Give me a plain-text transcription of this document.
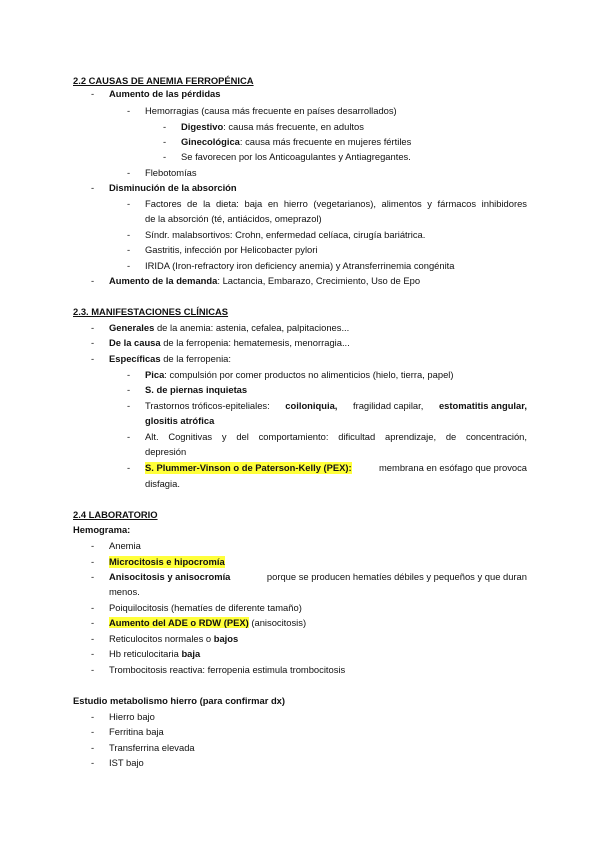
2.2 CAUSAS DE ANEMIA FERROPÉNICA
- Aumento de las pérdidas
- Hemorragias (causa más frecuente en países desarrollados)
- Digestivo: causa más frecuente, en adultos
- Ginecológica: causa más frecuente en mujeres fértiles
- Se favorecen por los Anticoagulantes y Antiagregantes.
- Flebotomías
- Disminución de la absorción
- Factores de la dieta: baja en hierro (vegetarianos), alimentos y fármacos inhibidores
de la absorción (té, antiácidos, omeprazol)
- Síndr. malabsortivos: Crohn, enfermedad celíaca, cirugía bariátrica.
- Gastritis, infección por Helicobacter pylori
- IRIDA (Iron-refractory iron deficiency anemia) y Atransferrinemia congénita
- Aumento de la demanda: Lactancia, Embarazo, Crecimiento, Uso de Epo
2.3. MANIFESTACIONES CLÍNICAS
- Generales de la anemia: astenia, cefalea, palpitaciones...
- De la causa de la ferropenia: hematemesis, menorragia...
- Específicas de la ferropenia:
- Pica: compulsión por comer productos no alimenticios (hielo, tierra, papel)
- S. de piernas inquietas
- Trastornos tróficos-epiteliales: coiloniquia, fragilidad capilar, estomatitis angular,
glositis atrófica
- Alt. Cognitivas y del comportamiento: dificultad aprendizaje, de concentración,
depresión
- S. Plummer-Vinson o de Paterson-Kelly (PEX):	membrana en esófago que provoca
disfagia.
2.4 LABORATORIO
Hemograma:
- Anemia
- Microcitosis e hipocromía
- Anisocitosis y anisocromía	porque se producen hematíes débiles y pequeños y que duran
menos.
- Poiquilocitosis (hematíes de diferente tamaño)
- Aumento del ADE o RDW (PEX) (anisocitosis)
- Reticulocitos normales o bajos
- Hb reticulocitaria baja
- Trombocitosis reactiva: ferropenia estimula trombocitosis
Estudio metabolismo hierro (para confirmar dx)
- Hierro bajo
- Ferritina baja
- Transferrina elevada
- IST bajo
